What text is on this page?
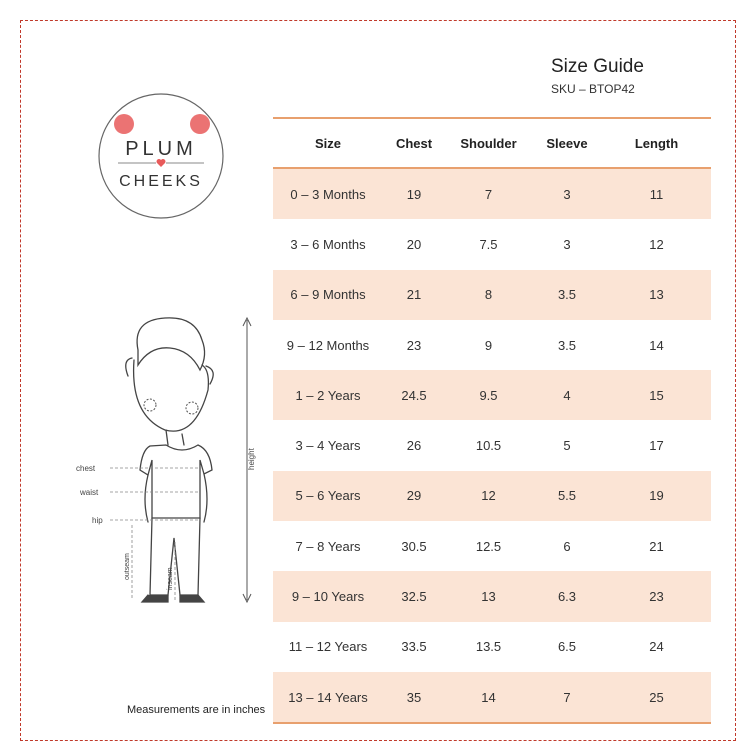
PLUM
CHEEKS
Size Guide
SKU – BTOP42
Size	Chest	Shoulder	Sleeve	Length
0 – 3 Months	19	7	3	11
3 – 6 Months	20	7.5	3	12
6 – 9 Months	21	8	3.5	13
9 – 12 Months	23	9	3.5	14
1 – 2 Years	24.5	9.5	4	15
3 – 4 Years	26	10.5	5	17
5 – 6 Years	29	12	5.5	19
7 – 8 Years	30.5	12.5	6	21
9 – 10 Years	32.5	13	6.3	23
11 – 12 Years	33.5	13.5	6.5	24
13 – 14 Years	35	14	7	25
chest
waist
hip
outseam	inseam
height
Measurements are in inches
